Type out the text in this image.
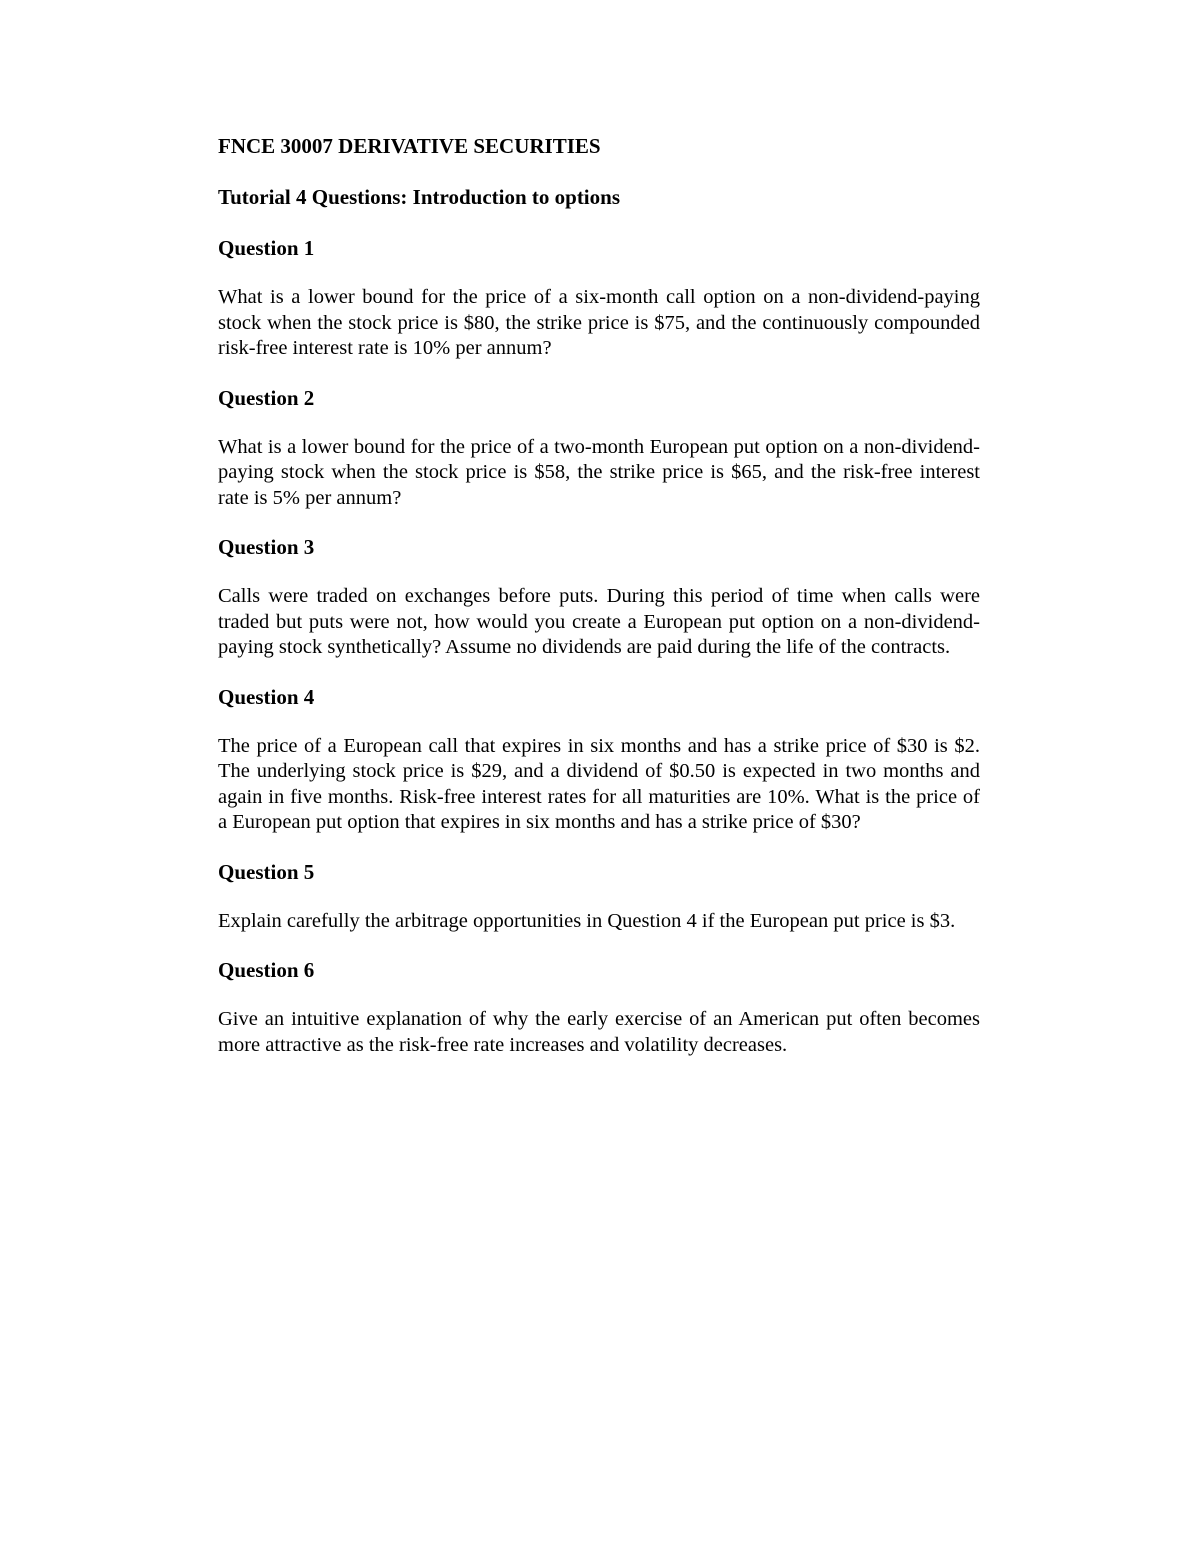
FNCE 30007 DERIVATIVE SECURITIES
Tutorial 4 Questions: Introduction to options
Question 1

What is a lower bound for the price of a six-month call option on a non-dividend-paying stock when the stock price is $80, the strike price is $75, and the continuously compounded risk-free interest rate is 10% per annum?

Question 2

What is a lower bound for the price of a two-month European put option on a non-dividend-paying stock when the stock price is $58, the strike price is $65, and the risk-free interest rate is 5% per annum?

Question 3

Calls were traded on exchanges before puts. During this period of time when calls were traded but puts were not, how would you create a European put option on a non-dividend-paying stock synthetically? Assume no dividends are paid during the life of the contracts.

Question 4

The price of a European call that expires in six months and has a strike price of $30 is $2. The underlying stock price is $29, and a dividend of $0.50 is expected in two months and again in five months. Risk-free interest rates for all maturities are 10%. What is the price of a European put option that expires in six months and has a strike price of $30?

Question 5

Explain carefully the arbitrage opportunities in Question 4 if the European put price is $3.

Question 6

Give an intuitive explanation of why the early exercise of an American put often becomes more attractive as the risk-free rate increases and volatility decreases.
